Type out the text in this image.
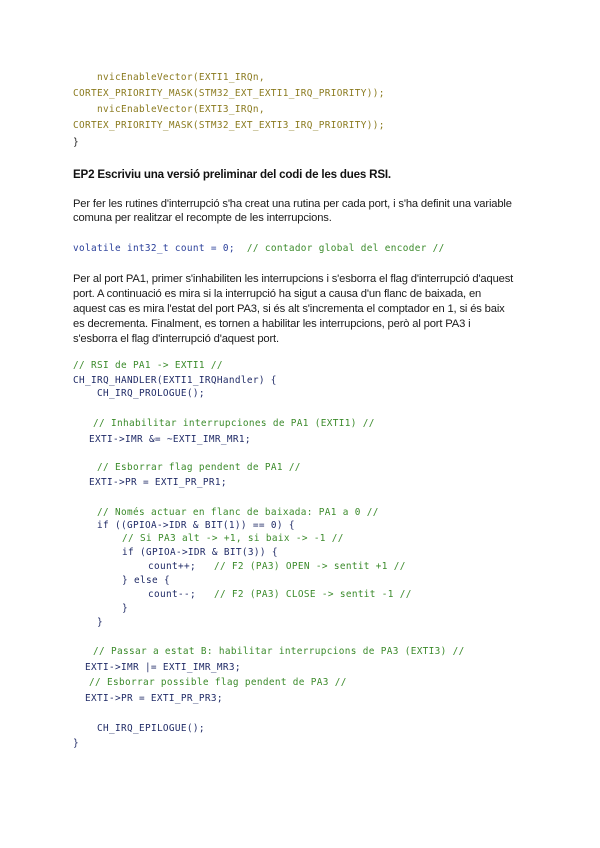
nvicEnableVector(EXTI1_IRQn,
CORTEX_PRIORITY_MASK(STM32_EXT_EXTI1_IRQ_PRIORITY));
nvicEnableVector(EXTI3_IRQn,
CORTEX_PRIORITY_MASK(STM32_EXT_EXTI3_IRQ_PRIORITY));
}
EP2 Escriviu una versió preliminar del codi de les dues RSI.
Per fer les rutines d'interrupció s'ha creat una rutina per cada port, i s'ha definit una variable
comuna per realitzar el recompte de les interrupcions.
volatile int32_t count = 0; // contador global del encoder //
Per al port PA1, primer s'inhabiliten les interrupcions i s'esborra el flag d'interrupció d'aquest
port. A continuació es mira si la interrupció ha sigut a causa d'un flanc de baixada, en
aquest cas es mira l'estat del port PA3, si és alt s'incrementa el comptador en 1, si és baix
es decrementa. Finalment, es tornen a habilitar les interrupcions, però al port PA3 i
s'esborra el flag d'interrupció d'aquest port.
// RSI de PA1 -> EXTI1 //
CH_IRQ_HANDLER(EXTI1_IRQHandler) {
CH_IRQ_PROLOGUE();
// Inhabilitar interrupciones de PA1 (EXTI1) //
EXTI->IMR &= ~EXTI_IMR_MR1;
// Esborrar flag pendent de PA1 //
EXTI->PR = EXTI_PR_PR1;
// Només actuar en flanc de baixada: PA1 a 0 //
if ((GPIOA->IDR & BIT(1)) == 0) {
// Si PA3 alt -> +1, si baix -> -1 //
if (GPIOA->IDR & BIT(3)) {
count++; // F2 (PA3) OPEN -> sentit +1 //
} else {
count--; // F2 (PA3) CLOSE -> sentit -1 //
}
}
// Passar a estat B: habilitar interrupcions de PA3 (EXTI3) //
EXTI->IMR |= EXTI_IMR_MR3;
// Esborrar possible flag pendent de PA3 //
EXTI->PR = EXTI_PR_PR3;
CH_IRQ_EPILOGUE();
}
